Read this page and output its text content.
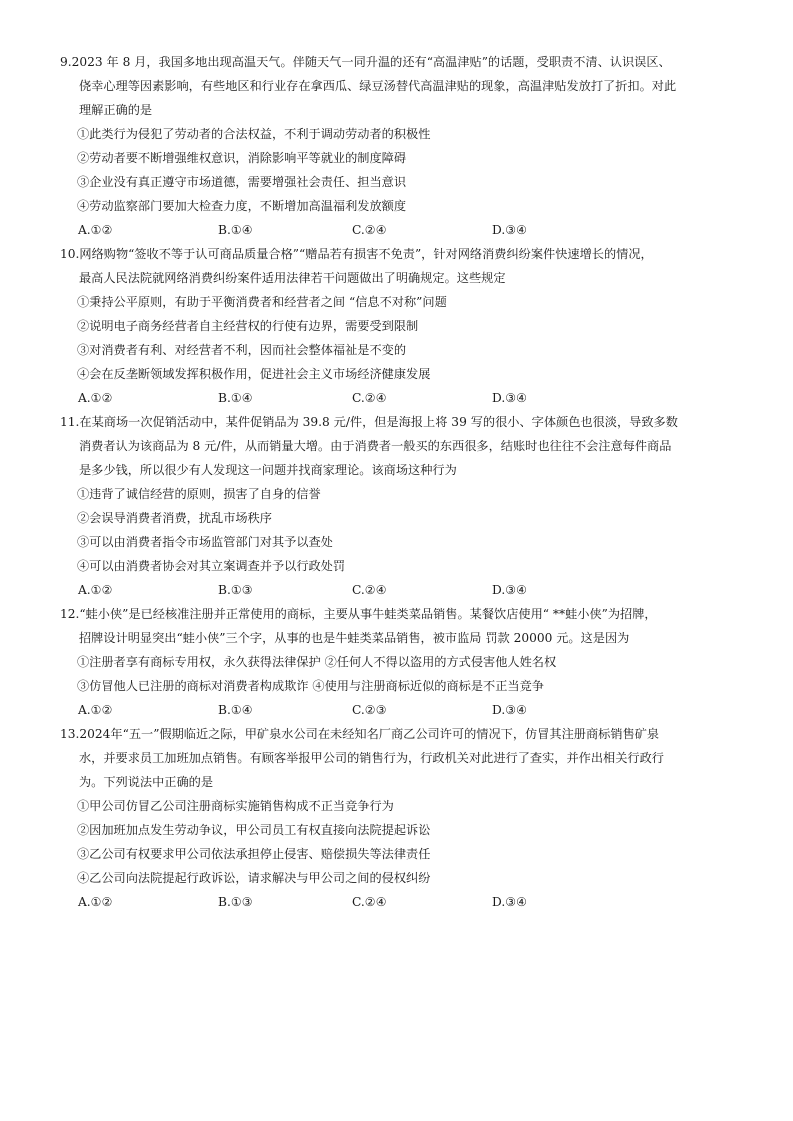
9.2023 年 8 月，我国多地出现高温天气。伴随天气一同升温的还有“高温津贴”的话题，受职责不清、认识误区、
侥幸心理等因素影响，有些地区和行业存在拿西瓜、绿豆汤替代高温津贴的现象，高温津贴发放打了折扣。对此
理解正确的是
①此类行为侵犯了劳动者的合法权益，不利于调动劳动者的积极性
②劳动者要不断增强维权意识，消除影响平等就业的制度障碍
③企业没有真正遵守市场道德，需要增强社会责任、担当意识
④劳动监察部门要加大检查力度，不断增加高温福利发放额度
A.①②	B.①④	C.②④	D.③④
10.网络购物“签收不等于认可商品质量合格”“赠品若有损害不免责”，针对网络消费纠纷案件快速增长的情况，
最高人民法院就网络消费纠纷案件适用法律若干问题做出了明确规定。这些规定
①秉持公平原则，有助于平衡消费者和经营者之间 “信息不对称”问题
②说明电子商务经营者自主经营权的行使有边界，需要受到限制
③对消费者有利、对经营者不利，因而社会整体福祉是不变的
④会在反垄断领域发挥积极作用，促进社会主义市场经济健康发展
A.①②	B.①④	C.②④	D.③④
11.在某商场一次促销活动中，某件促销品为 39.8 元/件，但是海报上将 39 写的很小、字体颜色也很淡，导致多数
消费者认为该商品为 8 元/件，从而销量大增。由于消费者一般买的东西很多，结账时也往往不会注意每件商品
是多少钱，所以很少有人发现这一问题并找商家理论。该商场这种行为
①违背了诚信经营的原则，损害了自身的信誉
②会误导消费者消费，扰乱市场秩序
③可以由消费者指令市场监管部门对其予以查处
④可以由消费者协会对其立案调查并予以行政处罚
A.①②	B.①③	C.②④	D.③④
12.“蛙小侠”是已经核准注册并正常使用的商标，主要从事牛蛙类菜品销售。某餐饮店使用“ **蛙小侠”为招牌，
招牌设计明显突出“蛙小侠”三个字，从事的也是牛蛙类菜品销售，被市监局 罚款 20000 元。这是因为
①注册者享有商标专用权，永久获得法律保护 ②任何人不得以盗用的方式侵害他人姓名权
③仿冒他人已注册的商标对消费者构成欺诈 ④使用与注册商标近似的商标是不正当竞争
A.①②	B.①④	C.②③	D.③④
13.2024年“五一”假期临近之际，甲矿泉水公司在未经知名厂商乙公司许可的情况下，仿冒其注册商标销售矿泉
水，并要求员工加班加点销售。有顾客举报甲公司的销售行为，行政机关对此进行了查实，并作出相关行政行
为。下列说法中正确的是
①甲公司仿冒乙公司注册商标实施销售构成不正当竞争行为
②因加班加点发生劳动争议，甲公司员工有权直接向法院提起诉讼
③乙公司有权要求甲公司依法承担停止侵害、赔偿损失等法律责任
④乙公司向法院提起行政诉讼，请求解决与甲公司之间的侵权纠纷
A.①②	B.①③	C.②④	D.③④
